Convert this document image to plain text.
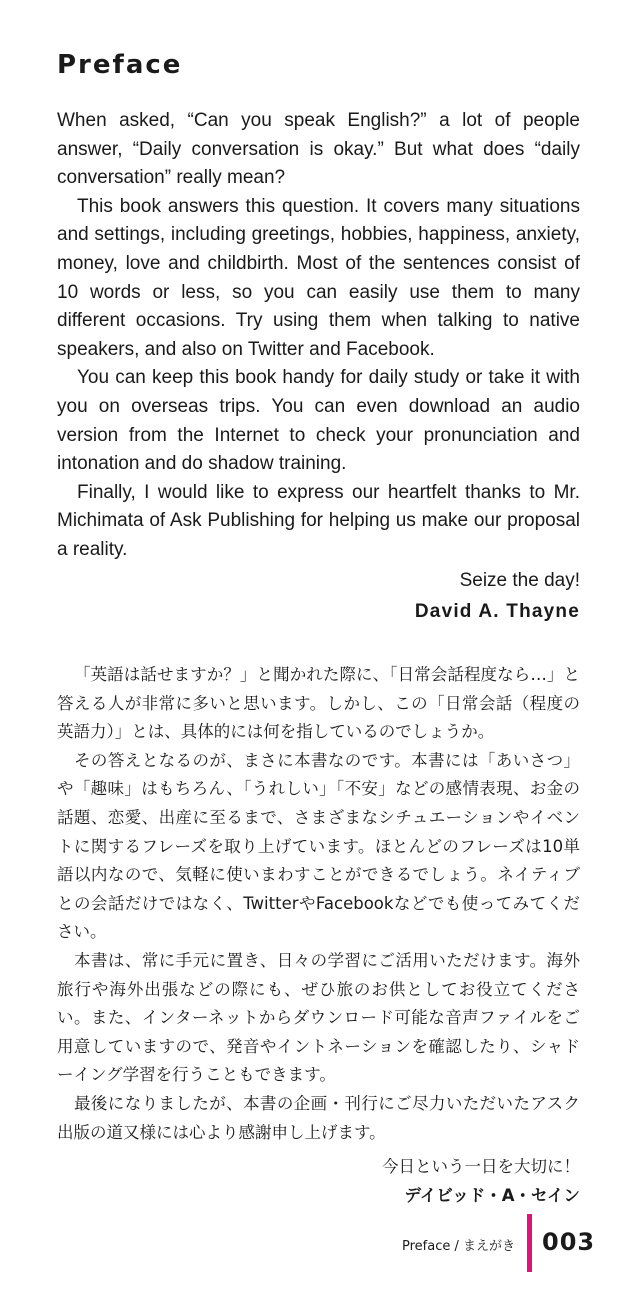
Preface

When asked, “Can you speak English?” a lot of people answer, “Daily conversation is okay.” But what does “daily conversation” really mean?

This book answers this question. It covers many situations and settings, including greetings, hobbies, happiness, anxiety, money, love and childbirth. Most of the sentences consist of 10 words or less, so you can easily use them to many different occasions. Try using them when talking to native speakers, and also on Twitter and Facebook.

You can keep this book handy for daily study or take it with you on overseas trips. You can even download an audio version from the Internet to check your pronunciation and intonation and do shadow training.

Finally, I would like to express our heartfelt thanks to Mr. Michimata of Ask Publishing for helping us make our proposal a reality.

Seize the day!
David A. Thayne

「英語は話せますか？」と聞かれた際に、「日常会話程度なら…」と答える人が非常に多いと思います。しかし、この「日常会話（程度の英語力）」とは、具体的には何を指しているのでしょうか。

その答えとなるのが、まさに本書なのです。本書には「あいさつ」や「趣味」はもちろん、「うれしい」「不安」などの感情表現、お金の話題、恋愛、出産に至るまで、さまざまなシチュエーションやイベントに関するフレーズを取り上げています。ほとんどのフレーズは10単語以内なので、気軽に使いまわすことができるでしょう。ネイティブとの会話だけではなく、TwitterやFacebookなどでも使ってみてください。

本書は、常に手元に置き、日々の学習にご活用いただけます。海外旅行や海外出張などの際にも、ぜひ旅のお供としてお役立てください。また、インターネットからダウンロード可能な音声ファイルをご用意していますので、発音やイントネーションを確認したり、シャドーイング学習を行うこともできます。

最後になりましたが、本書の企画・刊行にご尽力いただいたアスク出版の道又様には心より感謝申し上げます。

今日という一日を大切に！
デイビッド・A・セイン
Preface / まえがき 003
